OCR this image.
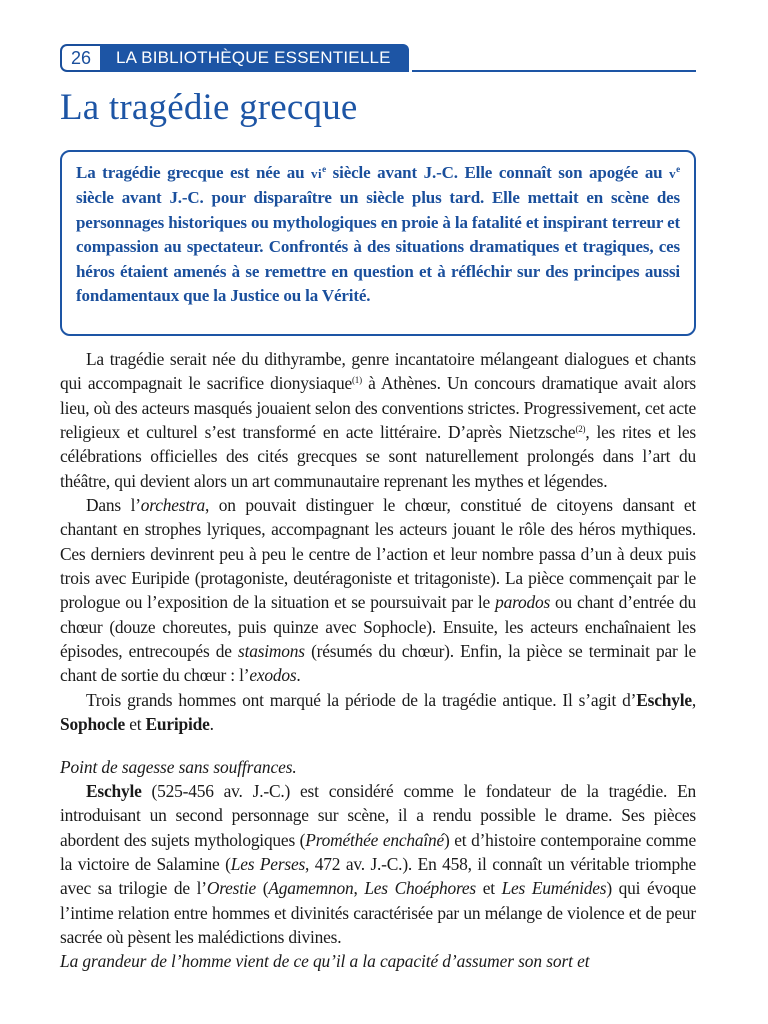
26	LA BIBLIOTHÈQUE ESSENTIELLE
La tragédie grecque

La tragédie grecque est née au $vi^e$ siècle avant J.-C. Elle connaît son apogée au $v^e$ siècle avant J.-C. pour disparaître un siècle plus tard. Elle mettait en scène des personnages historiques ou mythologiques en proie à la fatalité et inspirant terreur et compassion au spectateur. Confrontés à des situations dramatiques et tragiques, ces héros étaient amenés à se remettre en question et à réfléchir sur des principes aussi fondamentaux que la Justice ou la Vérité.

La tragédie serait née du dithyrambe, genre incantatoire mélangeant dialogues et chants qui accompagnait le sacrifice dionysiaque$^{(1)}$ à Athènes. Un concours dramatique avait alors lieu, où des acteurs masqués jouaient selon des conventions strictes. Progressivement, cet acte religieux et culturel s’est transformé en acte littéraire. D’après Nietzsche$^{(2)}$, les rites et les célébrations officielles des cités grecques se sont naturellement prolongés dans l’art du théâtre, qui devient alors un art communautaire reprenant les mythes et légendes.

Dans l’orchestra, on pouvait distinguer le chœur, constitué de citoyens dansant et chantant en strophes lyriques, accompagnant les acteurs jouant le rôle des héros mythiques. Ces derniers devinrent peu à peu le centre de l’action et leur nombre passa d’un à deux puis trois avec Euripide (protagoniste, deutéragoniste et tritagoniste). La pièce commençait par le prologue ou l’exposition de la situation et se poursuivait par le parodos ou chant d’entrée du chœur (douze choreutes, puis quinze avec Sophocle). Ensuite, les acteurs enchaînaient les épisodes, entrecoupés de stasimons (résumés du chœur). Enfin, la pièce se terminait par le chant de sortie du chœur : l’exodos.

Trois grands hommes ont marqué la période de la tragédie antique. Il s’agit d’Eschyle, Sophocle et Euripide.

Point de sagesse sans souffrances.

Eschyle (525-456 av. J.-C.) est considéré comme le fondateur de la tragédie. En introduisant un second personnage sur scène, il a rendu possible le drame. Ses pièces abordent des sujets mythologiques (Prométhée enchaîné) et d’histoire contemporaine comme la victoire de Salamine (Les Perses, 472 av. J.-C.). En 458, il connaît un véritable triomphe avec sa trilogie de l’Orestie (Agamemnon, Les Choéphores et Les Euménides) qui évoque l’intime relation entre hommes et divinités caractérisée par un mélange de violence et de peur sacrée où pèsent les malédictions divines.

La grandeur de l’homme vient de ce qu’il a la capacité d’assumer son sort et
